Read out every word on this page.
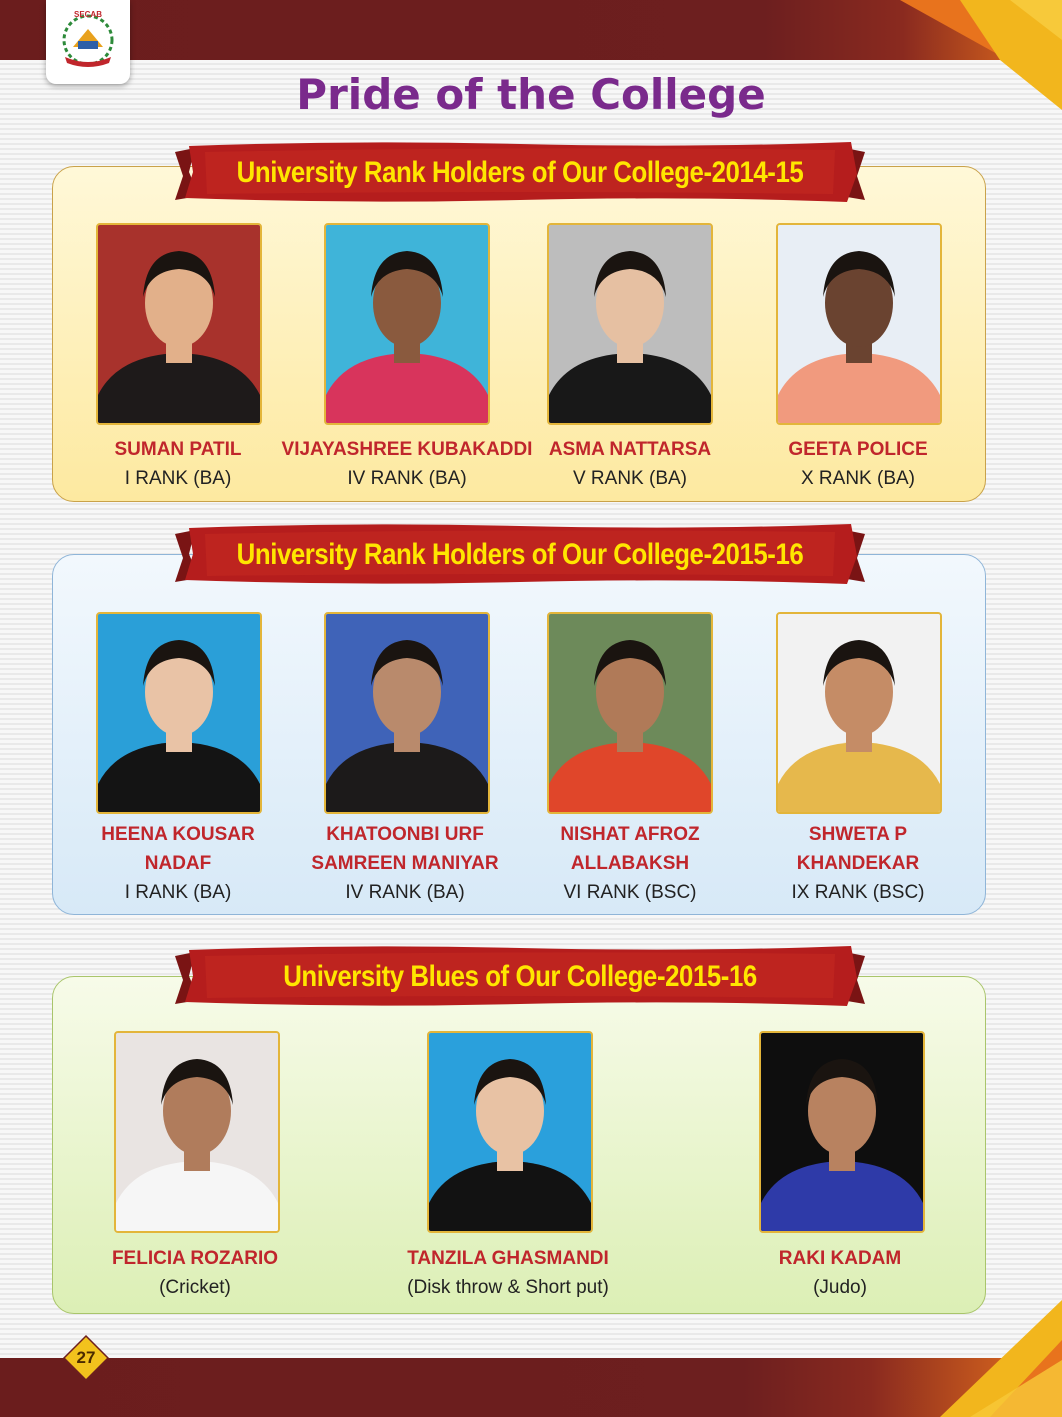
SECAB
Pride of the College
University Rank Holders of Our College-2014-15
SUMAN PATIL
I RANK (BA)
VIJAYASHREE KUBAKADDI
IV RANK (BA)
ASMA NATTARSA
V RANK (BA)
GEETA POLICE
X RANK (BA)
University Rank Holders of Our College-2015-16
HEENA KOUSAR
NADAF
I RANK (BA)
KHATOONBI URF
SAMREEN MANIYAR
IV RANK (BA)
NISHAT AFROZ
ALLABAKSH
VI RANK (BSC)
SHWETA P
KHANDEKAR
IX RANK (BSC)
University Blues of Our College-2015-16
FELICIA ROZARIO
(Cricket)
TANZILA GHASMANDI
(Disk throw & Short put)
RAKI KADAM
(Judo)
27
